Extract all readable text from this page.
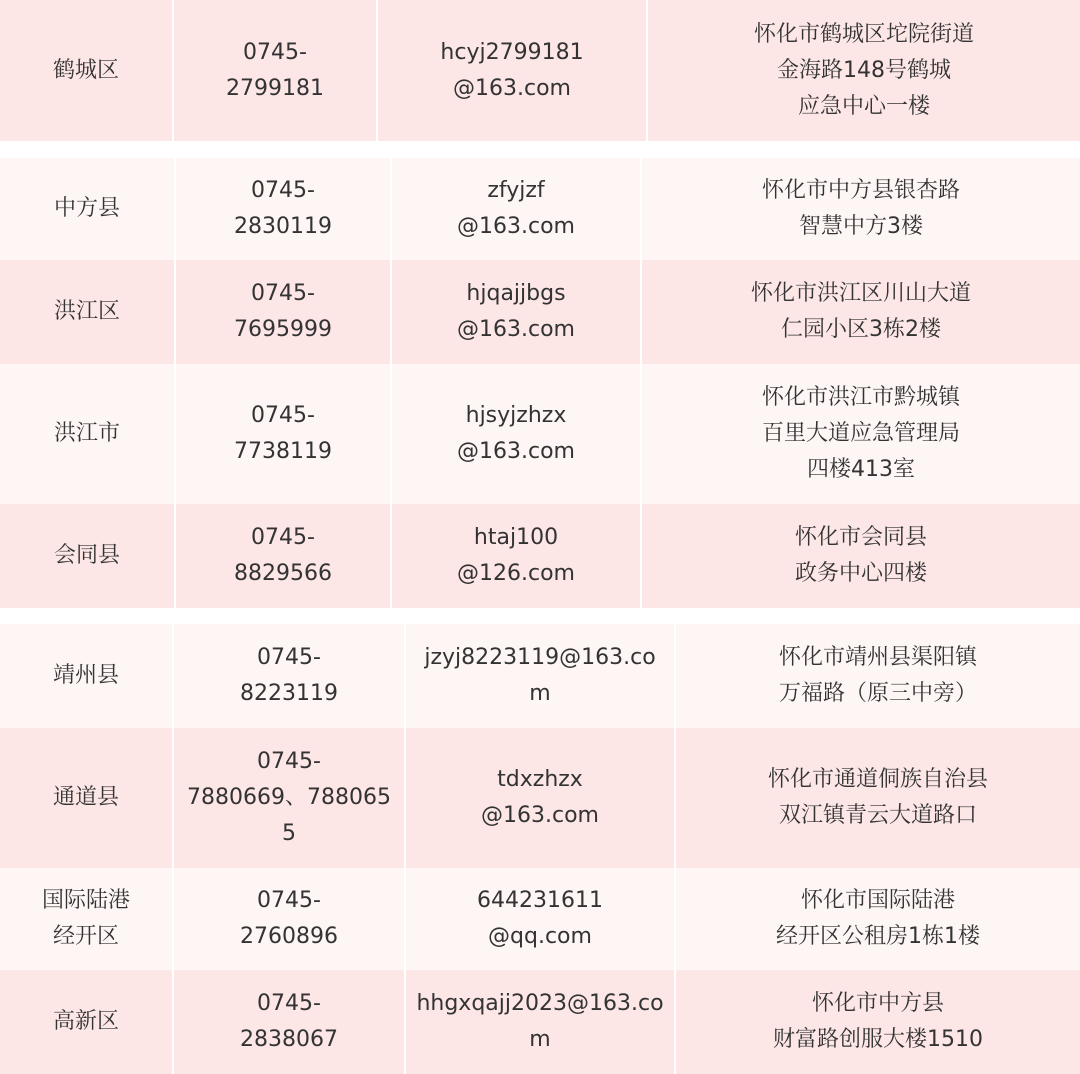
鹤城区
0745-
2799181
hcyj2799181
@163.com
怀化市鹤城区坨院街道
金海路148号鹤城
应急中心一楼
中方县
0745-
2830119
zfyjzf
@163.com
怀化市中方县银杏路
智慧中方3楼
洪江区
0745-
7695999
hjqajjbgs
@163.com
怀化市洪江区川山大道
仁园小区3栋2楼
洪江市
0745-
7738119
hjsyjzhzx
@163.com
怀化市洪江市黔城镇
百里大道应急管理局
四楼413室
会同县
0745-
8829566
htaj100
@126.com
怀化市会同县
政务中心四楼
靖州县
0745-
8223119
jzyj8223119@163.co
m
怀化市靖州县渠阳镇
万福路（原三中旁）
通道县
0745-
7880669、788065
5
tdxzhzx
@163.com
怀化市通道侗族自治县
双江镇青云大道路口
国际陆港
经开区
0745-
2760896
644231611
@qq.com
怀化市国际陆港
经开区公租房1栋1楼
高新区
0745-
2838067
hhgxqajj2023@163.co
m
怀化市中方县
财富路创服大楼1510
